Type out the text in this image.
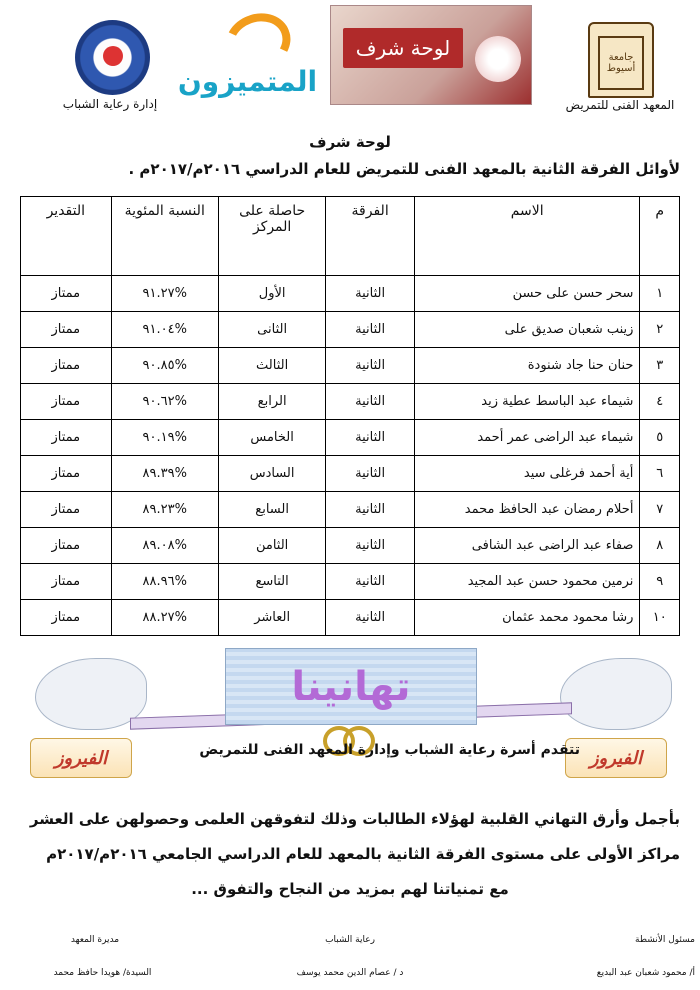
جامعة أسيوط
المعهد الفنى للتمريض
لوحة شرف
المتميزون
إدارة رعاية الشباب
لوحة شرف
لأوائل الفرقة الثانية بالمعهد الفنى للتمريض للعام الدراسي ٢٠١٦م/٢٠١٧م .
م	الاسم	الفرقة	حاصلة على المركز	النسبة المئوية	التقدير
١	سحر حسن على حسن	الثانية	الأول	%٩١.٢٧	ممتاز
٢	زينب شعبان صديق على	الثانية	الثانى	%٩١.٠٤	ممتاز
٣	حنان حنا جاد شنودة	الثانية	الثالث	%٩٠.٨٥	ممتاز
٤	شيماء عبد الباسط عطية زيد	الثانية	الرابع	%٩٠.٦٢	ممتاز
٥	شيماء عبد الراضى عمر أحمد	الثانية	الخامس	%٩٠.١٩	ممتاز
٦	أية أحمد فرغلى سيد	الثانية	السادس	%٨٩.٣٩	ممتاز
٧	أحلام رمضان عبد الحافظ محمد	الثانية	السابع	%٨٩.٢٣	ممتاز
٨	صفاء عبد الراضى عبد الشافى	الثانية	الثامن	%٨٩.٠٨	ممتاز
٩	نرمين محمود حسن عبد المجيد	الثانية	التاسع	%٨٨.٩٦	ممتاز
١٠	رشا محمود محمد عثمان	الثانية	العاشر	%٨٨.٢٧	ممتاز
تهانينا
الفيروز	الفيروز
تتقدم أسرة رعاية الشباب وإدارة المعهد الفنى للتمريض
بأجمل وأرق التهاني القلبية لهؤلاء الطالبات وذلك لتفوقهن العلمى وحصولهن على العشر
مراكز الأولى على مستوى الفرقة الثانية بالمعهد للعام الدراسي الجامعي ٢٠١٦م/٢٠١٧م
مع تمنياتنا لهم بمزيد من النجاح والتفوق ...
مسئول الأنشطة
رعاية الشباب
مديرة المعهد
أ/ محمود شعبان عبد البديع
د / عصام الدين محمد يوسف
السيدة/ هويدا حافظ محمد
